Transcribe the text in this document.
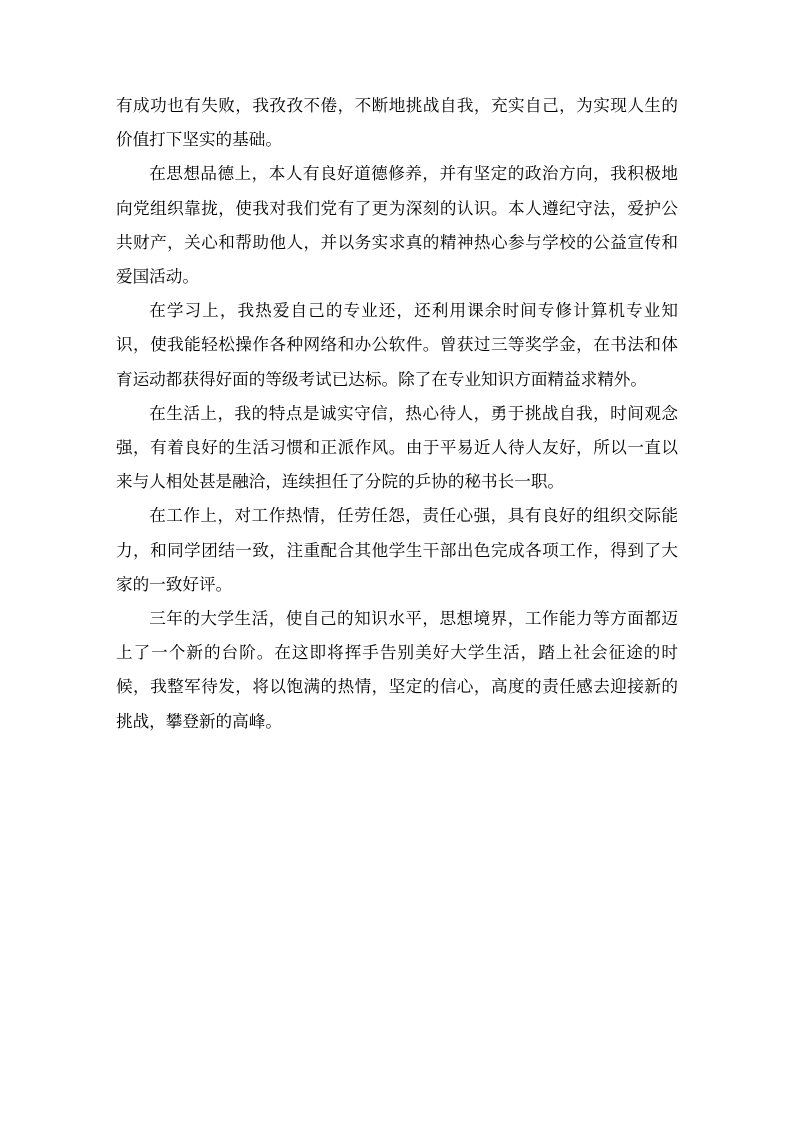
有成功也有失败，我孜孜不倦，不断地挑战自我，充实自己，为实现人生的价值打下坚实的基础。

在思想品德上，本人有良好道德修养，并有坚定的政治方向，我积极地向党组织靠拢，使我对我们党有了更为深刻的认识。本人遵纪守法，爱护公共财产，关心和帮助他人，并以务实求真的精神热心参与学校的公益宣传和爱国活动。

在学习上，我热爱自己的专业还，还利用课余时间专修计算机专业知识，使我能轻松操作各种网络和办公软件。曾获过三等奖学金，在书法和体育运动都获得好面的等级考试已达标。除了在专业知识方面精益求精外。

在生活上，我的特点是诚实守信，热心待人，勇于挑战自我，时间观念强，有着良好的生活习惯和正派作风。由于平易近人待人友好，所以一直以来与人相处甚是融洽，连续担任了分院的乒协的秘书长一职。

在工作上，对工作热情，任劳任怨，责任心强，具有良好的组织交际能力，和同学团结一致，注重配合其他学生干部出色完成各项工作，得到了大家的一致好评。

三年的大学生活，使自己的知识水平，思想境界，工作能力等方面都迈上了一个新的台阶。在这即将挥手告别美好大学生活，踏上社会征途的时候，我整军待发，将以饱满的热情，坚定的信心，高度的责任感去迎接新的挑战，攀登新的高峰。
